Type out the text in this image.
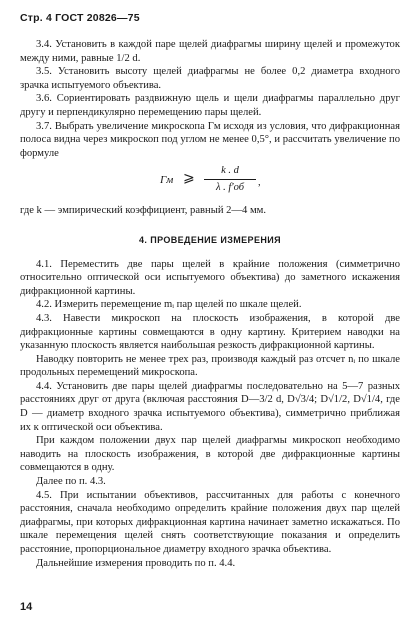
Стр. 4 ГОСТ 20826—75

3.4. Установить в каждой паре щелей диафрагмы ширину щелей и промежуток между ними, равные 1/2 d.

3.5. Установить высоту щелей диафрагмы не более 0,2 диаметра входного зрачка испытуемого объектива.

3.6. Сориентировать раздвижную щель и щели диафрагмы параллельно друг другу и перпендикулярно перемещению пары щелей.

3.7. Выбрать увеличение микроскопа Γм исходя из условия, что дифракционная полоса видна через микроскоп под углом не менее 0,5°, и рассчитать увеличение по формуле

Γм ⩾
k . d
λ . f′об	,

где k — эмпирический коэффициент, равный 2—4 мм.

4. ПРОВЕДЕНИЕ ИЗМЕРЕНИЯ

4.1. Переместить две пары щелей в крайние положения (симметрично относительно оптической оси испытуемого объектива) до заметного искажения дифракционной картины.

4.2. Измерить перемещение mᵢ пар щелей по шкале щелей.

4.3. Навести микроскоп на плоскость изображения, в которой две дифракционные картины совмещаются в одну картину. Критерием наводки на указанную плоскость является наибольшая резкость дифракционной картины.

Наводку повторить не менее трех раз, производя каждый раз отсчет nᵢ по шкале продольных перемещений микроскопа.

4.4. Установить две пары щелей диафрагмы последовательно на 5—7 разных расстояниях друг от друга (включая расстояния D—3/2 d, D√3/4; D√1/2, D√1/4, где D — диаметр входного зрачка испытуемого объектива), симметрично приближая их к оптической оси объектива.

При каждом положении двух пар щелей диафрагмы микроскоп необходимо наводить на плоскость изображения, в которой две дифракционные картины совмещаются в одну.

Далее по п. 4.3.

4.5. При испытании объективов, рассчитанных для работы с конечного расстояния, сначала необходимо определить крайние положения двух пар щелей диафрагмы, при которых дифракционная картина начинает заметно искажаться. По шкале перемещения щелей снять соответствующие показания и определить расстояние, пропорциональное диаметру входного зрачка объектива.

Дальнейшие измерения проводить по п. 4.4.

14
